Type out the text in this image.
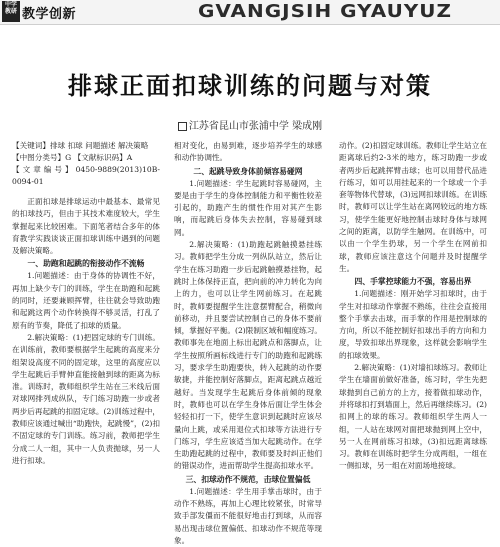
中学
教研 教学创新	GVANGJSIH GYAUYUZ
排球正面扣球训练的问题与对策
江苏省昆山市张浦中学 梁成刚

【关键词】排球 扣球 问题描述 解决策略

【中图分类号】G 【文献标识码】A

【文章编号】0450-9889(2013)10B-0094-01

正面扣球是排球运动中最基本、最常见的扣球技巧，但由于其技术难度较大，学生掌握起来比较困难。下面笔者结合多年的体育教学实践谈谈正面扣球训练中遇到的问题及解决策略。

一、助跑和起跳的衔接动作不流畅

1.问题描述：由于身体的协调性不好，再加上缺少专门的训练，学生在助跑和起跳的同时，还要兼顾挥臂，往往就会导致助跑和起跳这两个动作转换得不够灵活，打乱了原有的节奏，降低了扣球的质量。

2.解决策略：(1)把固定球的专门训练。在训练前，教师要根据学生起跳的高度来分组架设高度不同的固定球，这里的高度应以学生起跳后手臂伸直能接触到球的距离为标准。训练时，教师组织学生站在三米线后面对球网排列成纵队，专门练习助跑一步或者两步后再起跳的扣固定球。(2)训练过程中，教师应该通过喊出“助跑快，起跳慢”，(2)扣不固定球的专门训练。练习前，教师把学生分成二人一组，其中一人负责抛球，另一人进行扣球。

相对变化，由易到难，逐步培养学生的球感和动作协调性。

二、起跳导致身体前倾容易碰网

1.问题描述：学生起跳时容易碰网，主要是由于学生的身体控制能力和平衡性较差引起的，助跑产生的惯性作用对其产生影响，而起跳后身体失去控制，容易碰到球网。

2.解决策略：(1)助跑起跳触摸悬挂练习。教师把学生分成一列纵队站立，然后让学生在练习助跑一步后起跳触摸悬挂物，起跳时上体保持正直，把向前的冲力转化为向上的力，也可以让学生网前练习。在起跳时，教师要提醒学生注意摆臂配合，稍微向前移动，并且要尝试控制自己的身体不要前倾，掌握好平衡。(2)限制区域和幅度练习。教师事先在地面上标出起跳点和落脚点，让学生按照所画标线进行专门的助跑和起跳练习，要求学生助跑要快，转入起跳的动作要敏捷，并能控制好落脚点，距离起跳点越近越好。当发现学生起跳后身体前倾的现象时，教师也可以在学生身体后面让学生体会轻轻扣打一下，使学生意识到起跳时应该尽量向上跳，或采用退位式扣球等方法进行专门练习，学生应该适当加大起跳动作。在学生助跑起跳的过程中，教师要及时纠正他们的错误动作，进而帮助学生提高扣球水平。

三、扣球动作不规范，击球位置偏低

1.问题描述：学生用手掌击球时，由于动作不熟练，再加上心理比较紧张，时常导致手部发僵而不能很好地击打到球，从而容易出现击球位置偏低、扣球动作不规范等现象。

动作。(2)扣固定球训练。教师让学生站立在距离球后约2-3米的地方，练习助跑一步或者两步后起跳挥臂击球；也可以用替代品进行练习，如可以用挂起来的一个球或一个手套等物体代替球，(3)远网扣球训练。在训练时，教师可以让学生站在离网较远的地方练习，使学生能更好地控制击球时身体与球网之间的距离，以防学生触网。在训练中，可以由一个学生扔球，另一个学生在网前扣球，教师应该注意这个问题并及时提醒学生。

四、手掌控球能力不强，容易出界

1.问题描述：刚开始学习扣球时，由于学生对扣球动作掌握不熟练，往往会直接用整个手掌去击球，而手掌的作用是控制球的方向，所以不能控制好扣球出手的方向和力度，导致扣球出界现象，这样就会影响学生的扣球效果。

2.解决策略：(1)对墙扣球练习。教师让学生在墙面前做好准备，练习时，学生先把球抛到自己前方的上方，接着做扣球动作，并将球扣打到墙面上，然后再继续练习。(2)扣网上的球的练习。教师组织学生两人一组，一人站在球网对面把球抛到网上空中，另一人在网前练习扣球，(3)扣远距离球练习。教师在训练时把学生分成两组，一组在一侧扣球，另一组在对面场地接球。
